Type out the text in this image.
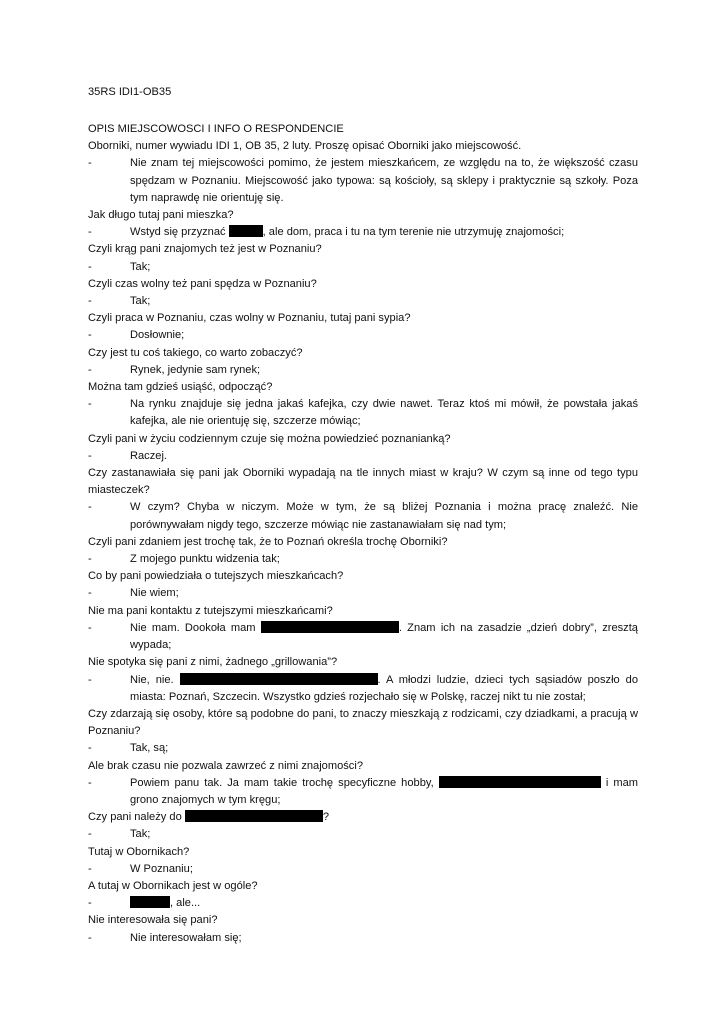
35RS IDI1-OB35

OPIS MIEJSCOWOSCI I INFO O RESPONDENCIE

Oborniki, numer wywiadu IDI 1, OB 35, 2 luty. Proszę opisać Oborniki jako miejscowość.

-	Nie znam tej miejscowości pomimo, że jestem mieszkańcem, ze względu na to, że większość czasu spędzam w Poznaniu. Miejscowość jako typowa: są kościoły, są sklepy i praktycznie są szkoły. Poza tym naprawdę nie orientuję się.

Jak długo tutaj pani mieszka?

-	Wstyd się przyznać	, ale dom, praca i tu na tym terenie nie utrzymuję znajomości;

Czyli krąg pani znajomych też jest w Poznaniu?

-	Tak;

Czyli czas wolny też pani spędza w Poznaniu?

-	Tak;

Czyli praca w Poznaniu, czas wolny w Poznaniu, tutaj pani sypia?

-	Dosłownie;

Czy jest tu coś takiego, co warto zobaczyć?

-	Rynek, jedynie sam rynek;

Można tam gdzieś usiąść, odpocząć?

-	Na rynku znajduje się jedna jakaś kafejka, czy dwie nawet. Teraz ktoś mi mówił, że powstała jakaś kafejka, ale nie orientuję się, szczerze mówiąc;

Czyli pani w życiu codziennym czuje się można powiedzieć poznanianką?

-	Raczej.

Czy zastanawiała się pani jak Oborniki wypadają na tle innych miast w kraju? W czym są inne od tego typu miasteczek?

-	W czym? Chyba w niczym. Może w tym, że są bliżej Poznania i można pracę znaleźć. Nie porównywałam nigdy tego, szczerze mówiąc nie zastanawiałam się nad tym;

Czyli pani zdaniem jest trochę tak, że to Poznań określa trochę Oborniki?

-	Z mojego punktu widzenia tak;

Co by pani powiedziała o tutejszych mieszkańcach?

-	Nie wiem;

Nie ma pani kontaktu z tutejszymi mieszkańcami?

-	Nie mam. Dookoła mam	. Znam ich na zasadzie „dzień dobry”, zresztą wypada;

Nie spotyka się pani z nimi, żadnego „grillowania”?

-	Nie, nie.	. A młodzi ludzie, dzieci tych sąsiadów poszło do miasta: Poznań, Szczecin. Wszystko gdzieś rozjechało się w Polskę, raczej nikt tu nie został;

Czy zdarzają się osoby, które są podobne do pani, to znaczy mieszkają z rodzicami, czy dziadkami, a pracują w Poznaniu?

-	Tak, są;

Ale brak czasu nie pozwala zawrzeć z nimi znajomości?

-	Powiem panu tak. Ja mam takie trochę specyficzne hobby,	i mam grono znajomych w tym kręgu;

Czy pani należy do	?

-	Tak;

Tutaj w Obornikach?

-	W Poznaniu;

A tutaj w Obornikach jest w ogóle?

-	, ale...

Nie interesowała się pani?

-	Nie interesowałam się;
